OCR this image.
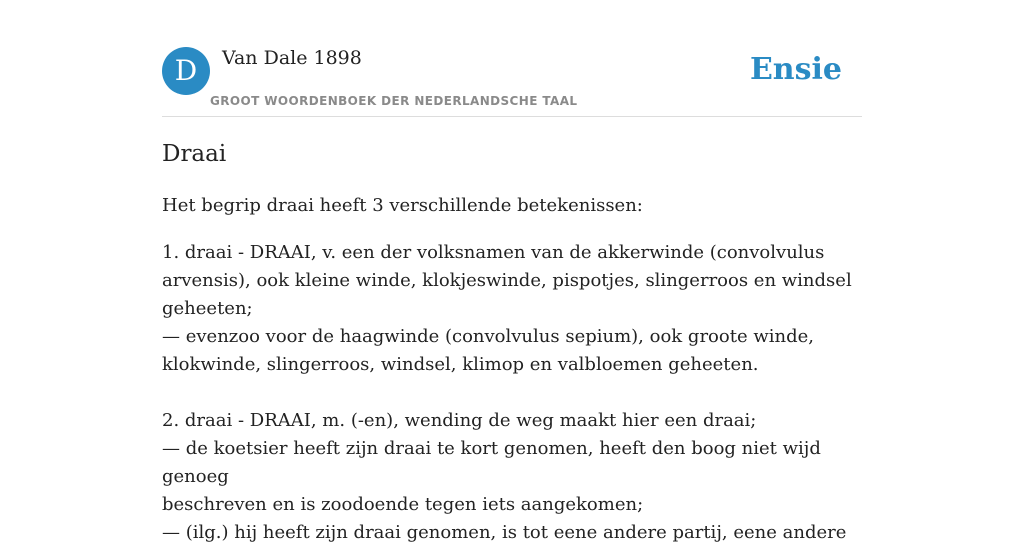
D	Van Dale 1898
GROOT WOORDENBOEK DER NEDERLANDSCHE TAAL
Ensie
Draai

Het begrip draai heeft 3 verschillende betekenissen:

1. draai - DRAAI, v. een der volksnamen van de akkerwinde (convolvulus

arvensis), ook kleine winde, klokjeswinde, pispotjes, slingerroos en windsel

geheeten;

— evenzoo voor de haagwinde (convolvulus sepium), ook groote winde,

klokwinde, slingerroos, windsel, klimop en valbloemen geheeten.

2. draai - DRAAI, m. (-en), wending de weg maakt hier een draai;

— de koetsier heeft zijn draai te kort genomen, heeft den boog niet wijd genoeg

beschreven en is zoodoende tegen iets aangekomen;

— (ilg.) hij heeft zijn draai genomen, is tot eene andere partij, eene andere
